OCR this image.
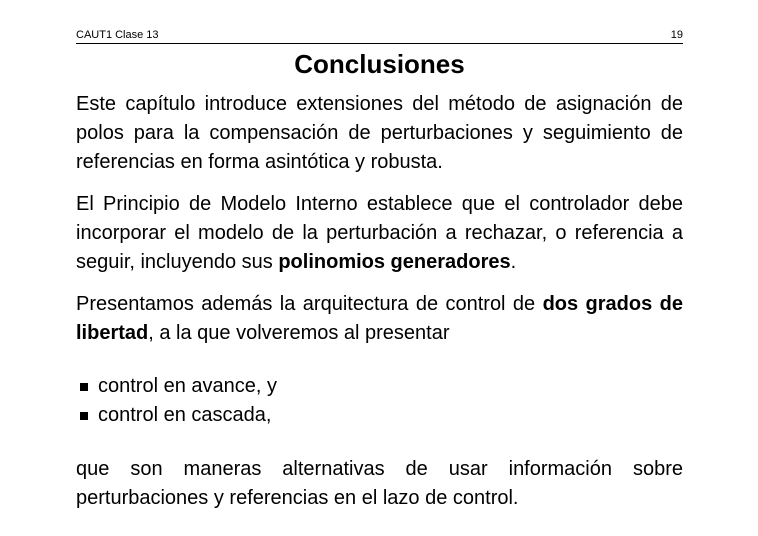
CAUT1 Clase 13	19
Conclusiones

Este capítulo introduce extensiones del método de asignación de polos para la compensación de perturbaciones y seguimiento de referencias en forma asintótica y robusta.

El Principio de Modelo Interno establece que el controlador debe incorporar el modelo de la perturbación a rechazar, o referencia a seguir, incluyendo sus polinomios generadores.

Presentamos además la arquitectura de control de dos grados de libertad, a la que volveremos al presentar

control en avance, y
control en cascada,

que son maneras alternativas de usar información sobre perturbaciones y referencias en el lazo de control.
